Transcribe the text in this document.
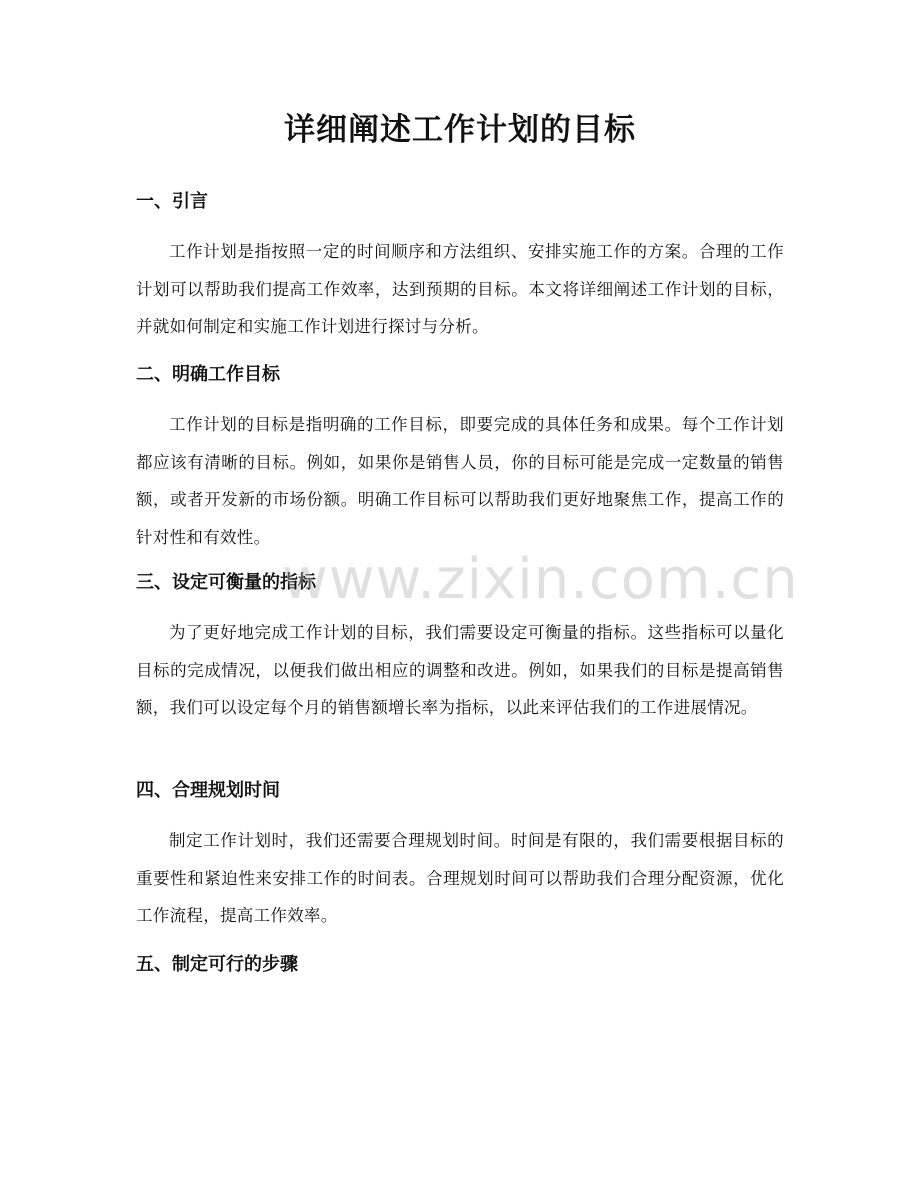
详细阐述工作计划的目标
一、引言

工作计划是指按照一定的时间顺序和方法组织、安排实施工作的方案。合理的工作计划可以帮助我们提高工作效率，达到预期的目标。本文将详细阐述工作计划的目标，并就如何制定和实施工作计划进行探讨与分析。

二、明确工作目标

工作计划的目标是指明确的工作目标，即要完成的具体任务和成果。每个工作计划都应该有清晰的目标。例如，如果你是销售人员，你的目标可能是完成一定数量的销售额，或者开发新的市场份额。明确工作目标可以帮助我们更好地聚焦工作，提高工作的针对性和有效性。

三、设定可衡量的指标

为了更好地完成工作计划的目标，我们需要设定可衡量的指标。这些指标可以量化目标的完成情况，以便我们做出相应的调整和改进。例如，如果我们的目标是提高销售额，我们可以设定每个月的销售额增长率为指标，以此来评估我们的工作进展情况。

四、合理规划时间

制定工作计划时，我们还需要合理规划时间。时间是有限的，我们需要根据目标的重要性和紧迫性来安排工作的时间表。合理规划时间可以帮助我们合理分配资源，优化工作流程，提高工作效率。

五、制定可行的步骤
www.zixin.com.cn
